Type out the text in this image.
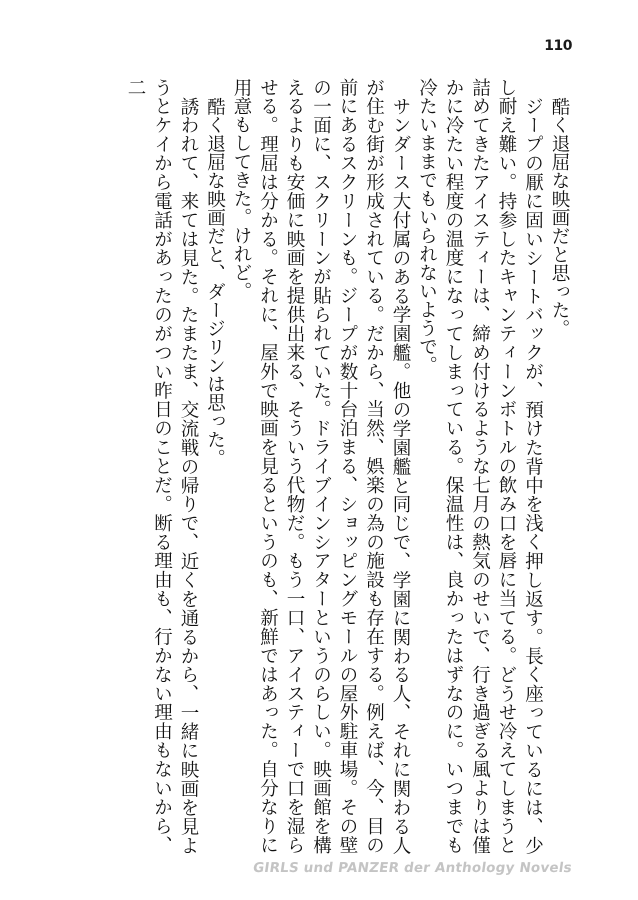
110

酷く退屈な映画だと思った。

ジープの厭に固いシートバックが、預けた背中を浅く押し返す。長く座っているには、少し耐え難い。持参したキャンティーンボトルの飲み口を唇に当てる。どうせ冷えてしまうと詰めてきたアイスティーは、締め付けるような七月の熱気のせいで、行き過ぎる風よりは僅かに冷たい程度の温度になってしまっている。保温性は、良かったはずなのに。いつまでも冷たいままでもいられないようで。

サンダース大付属のある学園艦。他の学園艦と同じで、学園に関わる人、それに関わる人が住む街が形成されている。だから、当然、娯楽の為の施設も存在する。例えば、今、目の前にあるスクリーンも。ジープが数十台泊まる、ショッピングモールの屋外駐車場。その壁の一面に、スクリーンが貼られていた。ドライブインシアターというのらしい。映画館を構えるよりも安価に映画を提供出来る、そういう代物だ。もう一口、アイスティーで口を湿らせる。理屈は分かる。それに、屋外で映画を見るというのも、新鮮ではあった。自分なりに用意もしてきた。けれど。

酷く退屈な映画だと、ダージリンは思った。

誘われて、来ては見た。たまたま、交流戦の帰りで、近くを通るから、一緒に映画を見ようとケイから電話があったのがつい昨日のことだ。断る理由も、行かない理由もないから、二

GIRLS und PANZER der Anthology Novels
